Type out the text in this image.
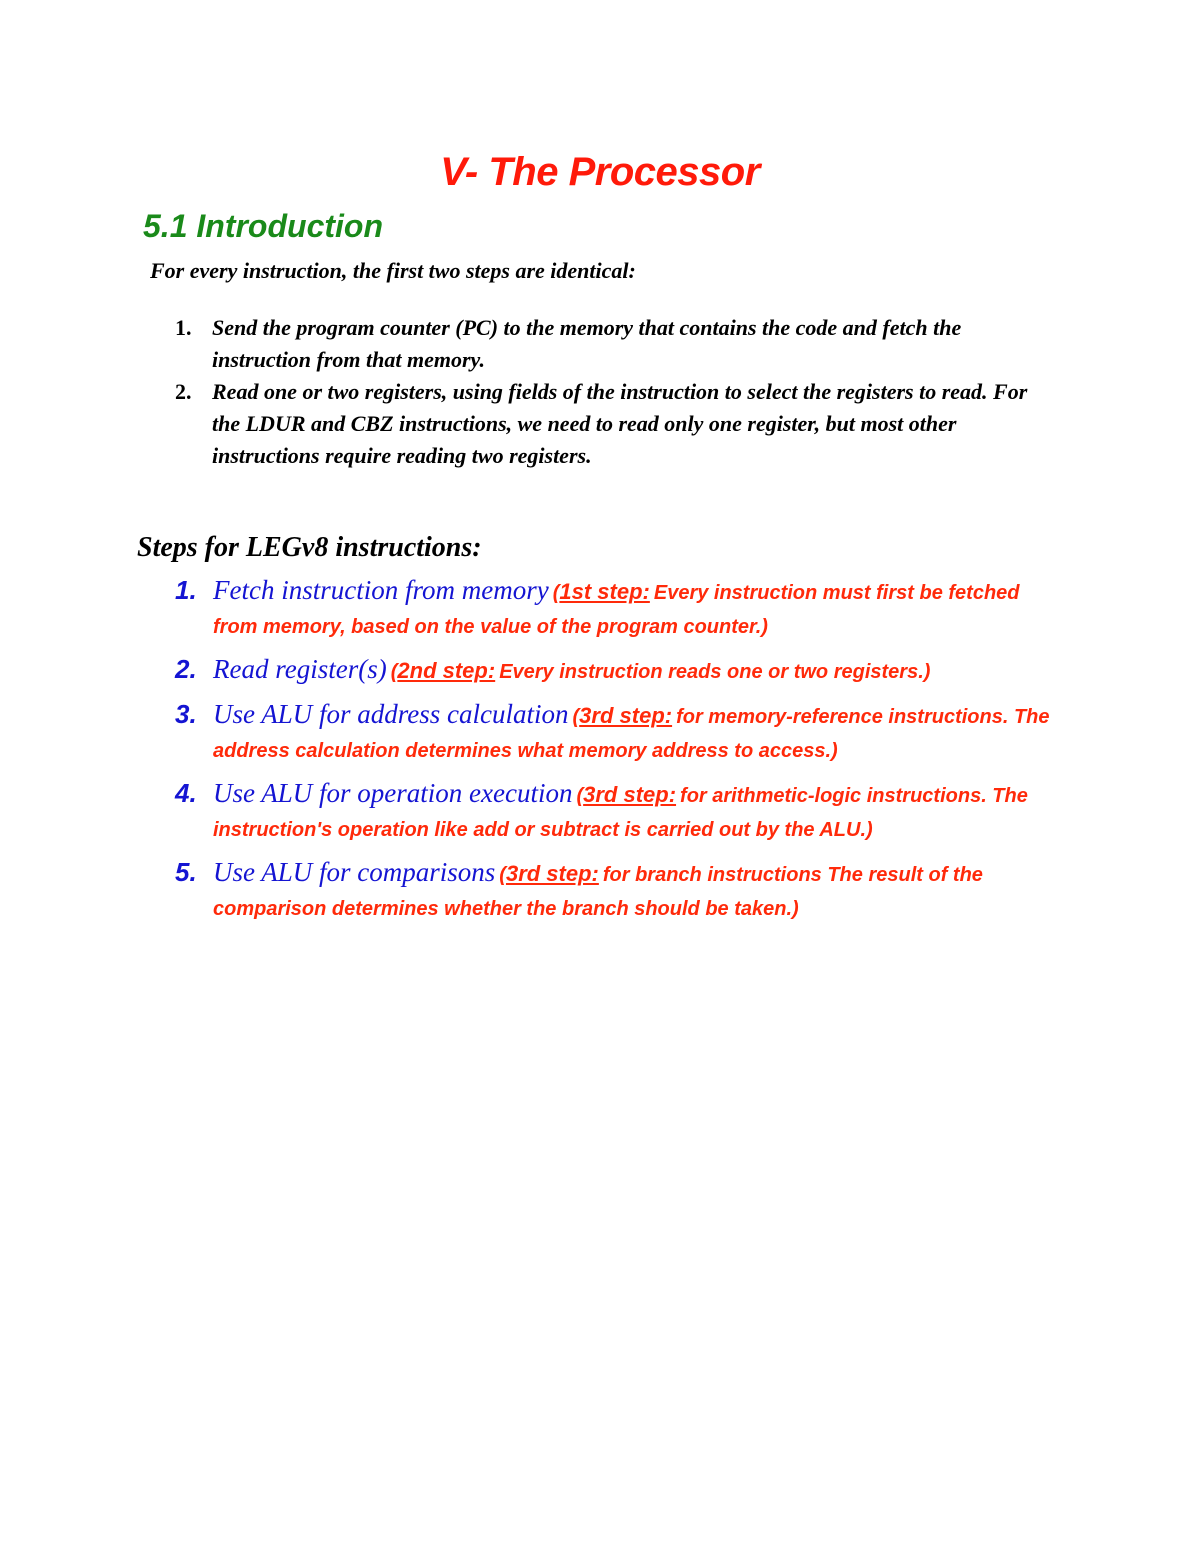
V- The Processor
5.1 Introduction

For every instruction, the first two steps are identical:

1. Send the program counter (PC) to the memory that contains the code and fetch the instruction from that memory.
2. Read one or two registers, using fields of the instruction to select the registers to read. For the LDUR and CBZ instructions, we need to read only one register, but most other instructions require reading two registers.
Steps for LEGv8 instructions:
1. Fetch instruction from memory (1st step: Every instruction must first be fetched from memory, based on the value of the program counter.)
2. Read register(s) (2nd step: Every instruction reads one or two registers.)
3. Use ALU for address calculation (3rd step: for memory-reference instructions. The address calculation determines what memory address to access.)
4. Use ALU for operation execution (3rd step: for arithmetic-logic instructions. The instruction's operation like add or subtract is carried out by the ALU.)
5. Use ALU for comparisons (3rd step: for branch instructions The result of the comparison determines whether the branch should be taken.)
